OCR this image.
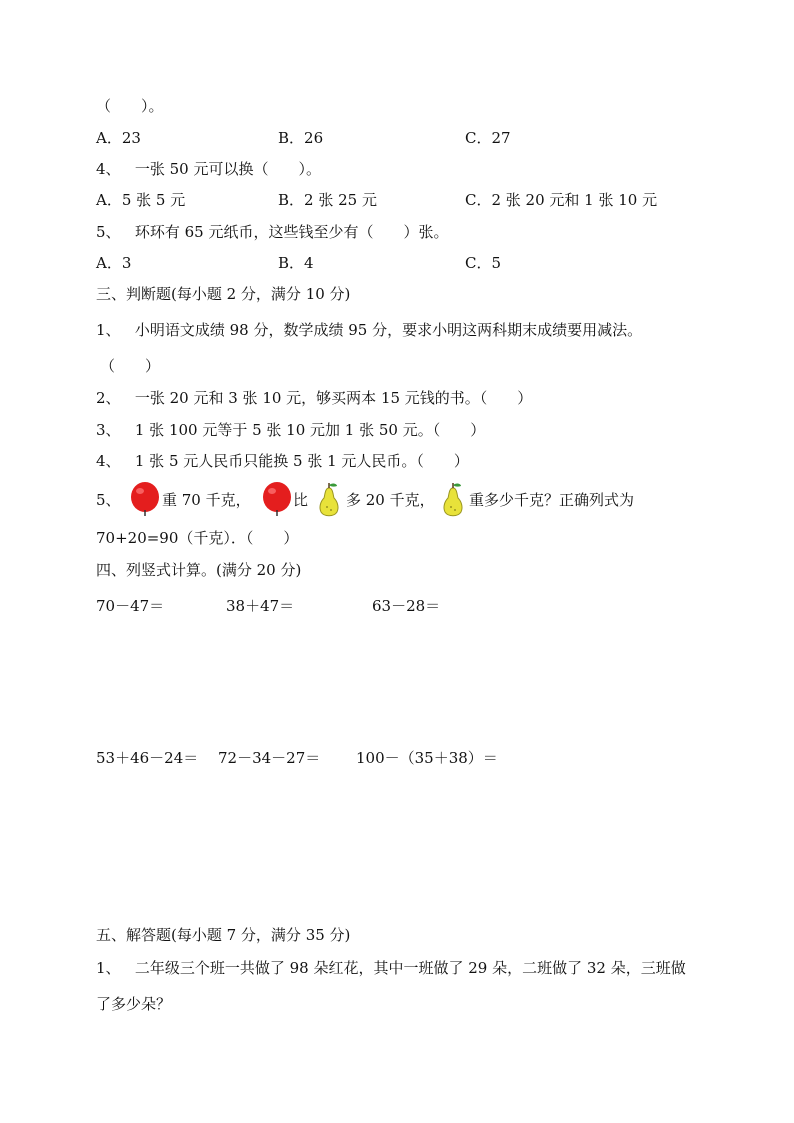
（　　）。
A．23	B．26	C．27
4、 一张 50 元可以换（　　）。
A．5 张 5 元	B．2 张 25 元	C．2 张 20 元和 1 张 10 元
5、 环环有 65 元纸币，这些钱至少有（　　）张。
A．3	B．4	C．5
三、判断题(每小题 2 分，满分 10 分)
1、 小明语文成绩 98 分，数学成绩 95 分，要求小明这两科期末成绩要用减法。
（　　）
2、 一张 20 元和 3 张 10 元，够买两本 15 元钱的书。（　　）
3、 1 张 100 元等于 5 张 10 元加 1 张 50 元。（　　）
4、 1 张 5 元人民币只能换 5 张 1 元人民币。（　　）
5、	重 70 千克，	比	多 20 千克， 重多少千克？正确列式为
70+20=90（千克）．（　　）
四、列竖式计算。(满分 20 分)
70－47＝	38＋47＝	63－28＝
53＋46－24＝ 72－34－27＝ 100－（35＋38）＝
五、解答题(每小题 7 分，满分 35 分)
1、 二年级三个班一共做了 98 朵红花，其中一班做了 29 朵，二班做了 32 朵，三班做
了多少朵？
